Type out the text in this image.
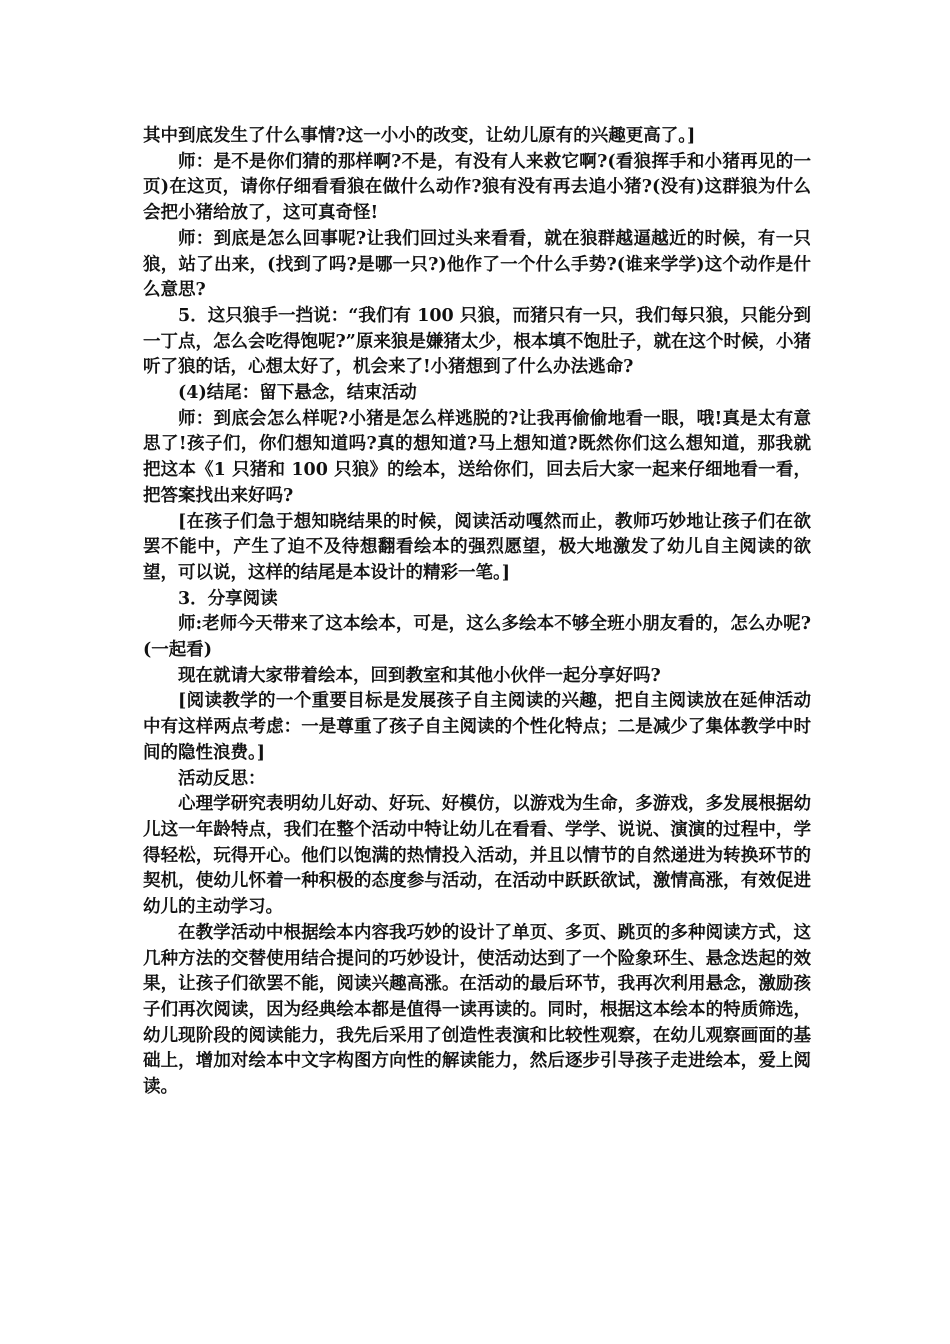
其中到底发生了什么事情?这一小小的改变，让幼儿原有的兴趣更高了。]

师：是不是你们猜的那样啊?不是，有没有人来救它啊?(看狼挥手和小猪再见的一页)在这页，请你仔细看看狼在做什么动作?狼有没有再去追小猪?(没有)这群狼为什么会把小猪给放了，这可真奇怪!

师：到底是怎么回事呢?让我们回过头来看看，就在狼群越逼越近的时候，有一只狼，站了出来，(找到了吗?是哪一只?)他作了一个什么手势?(谁来学学)这个动作是什么意思?

5．这只狼手一挡说：“我们有 100 只狼，而猪只有一只，我们每只狼，只能分到一丁点，怎么会吃得饱呢?”原来狼是嫌猪太少，根本填不饱肚子，就在这个时候，小猪听了狼的话，心想太好了，机会来了!小猪想到了什么办法逃命?

(4)结尾：留下悬念，结束活动

师：到底会怎么样呢?小猪是怎么样逃脱的?让我再偷偷地看一眼，哦!真是太有意思了!孩子们，你们想知道吗?真的想知道?马上想知道?既然你们这么想知道，那我就把这本《1 只猪和 100 只狼》的绘本，送给你们，回去后大家一起来仔细地看一看，把答案找出来好吗?

[在孩子们急于想知晓结果的时候，阅读活动嘎然而止，教师巧妙地让孩子们在欲罢不能中，产生了迫不及待想翻看绘本的强烈愿望，极大地激发了幼儿自主阅读的欲望，可以说，这样的结尾是本设计的精彩一笔。]

3．分享阅读

师:老师今天带来了这本绘本，可是，这么多绘本不够全班小朋友看的，怎么办呢?(一起看)

现在就请大家带着绘本，回到教室和其他小伙伴一起分享好吗?

[阅读教学的一个重要目标是发展孩子自主阅读的兴趣，把自主阅读放在延伸活动中有这样两点考虑：一是尊重了孩子自主阅读的个性化特点；二是减少了集体教学中时间的隐性浪费。]

活动反思：

心理学研究表明幼儿好动、好玩、好模仿，以游戏为生命，多游戏，多发展根据幼儿这一年龄特点，我们在整个活动中特让幼儿在看看、学学、说说、演演的过程中，学得轻松，玩得开心。他们以饱满的热情投入活动，并且以情节的自然递进为转换环节的契机，使幼儿怀着一种积极的态度参与活动，在活动中跃跃欲试，激情高涨，有效促进幼儿的主动学习。

在教学活动中根据绘本内容我巧妙的设计了单页、多页、跳页的多种阅读方式，这几种方法的交替使用结合提问的巧妙设计，使活动达到了一个险象环生、悬念迭起的效果，让孩子们欲罢不能，阅读兴趣高涨。在活动的最后环节，我再次利用悬念，激励孩子们再次阅读，因为经典绘本都是值得一读再读的。同时，根据这本绘本的特质筛选，幼儿现阶段的阅读能力，我先后采用了创造性表演和比较性观察，在幼儿观察画面的基础上，增加对绘本中文字构图方向性的解读能力，然后逐步引导孩子走进绘本，爱上阅读。
